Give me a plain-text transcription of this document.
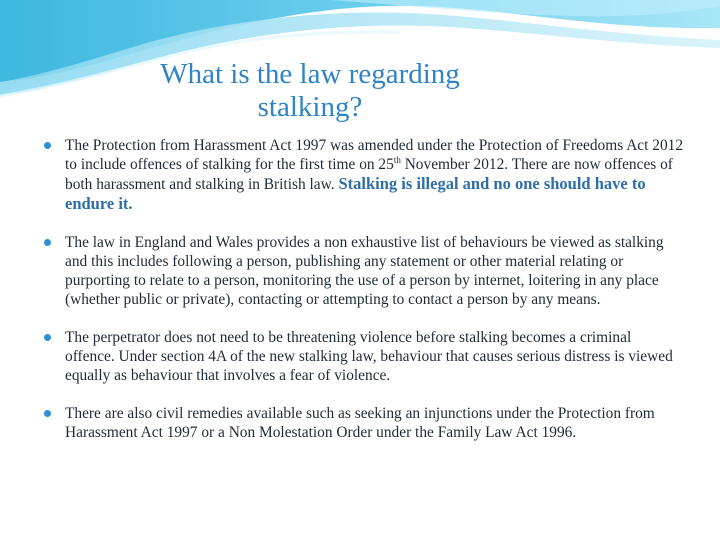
What is the law regarding
stalking?
The Protection from Harassment Act 1997 was amended under the Protection of Freedoms Act 2012 to include offences of stalking for the first time on 25th November 2012. There are now offences of both harassment and stalking in British law. Stalking is illegal and no one should have to endure it.
The law in England and Wales provides a non exhaustive list of behaviours be viewed as stalking and this includes following a person, publishing any statement or other material relating or purporting to relate to a person, monitoring the use of a person by internet, loitering in any place (whether public or private), contacting or attempting to contact a person by any means.
The perpetrator does not need to be threatening violence before stalking becomes a criminal offence. Under section 4A of the new stalking law, behaviour that causes serious distress is viewed equally as behaviour that involves a fear of violence.
There are also civil remedies available such as seeking an injunctions under the Protection from Harassment Act 1997 or a Non Molestation Order under the Family Law Act 1996.
